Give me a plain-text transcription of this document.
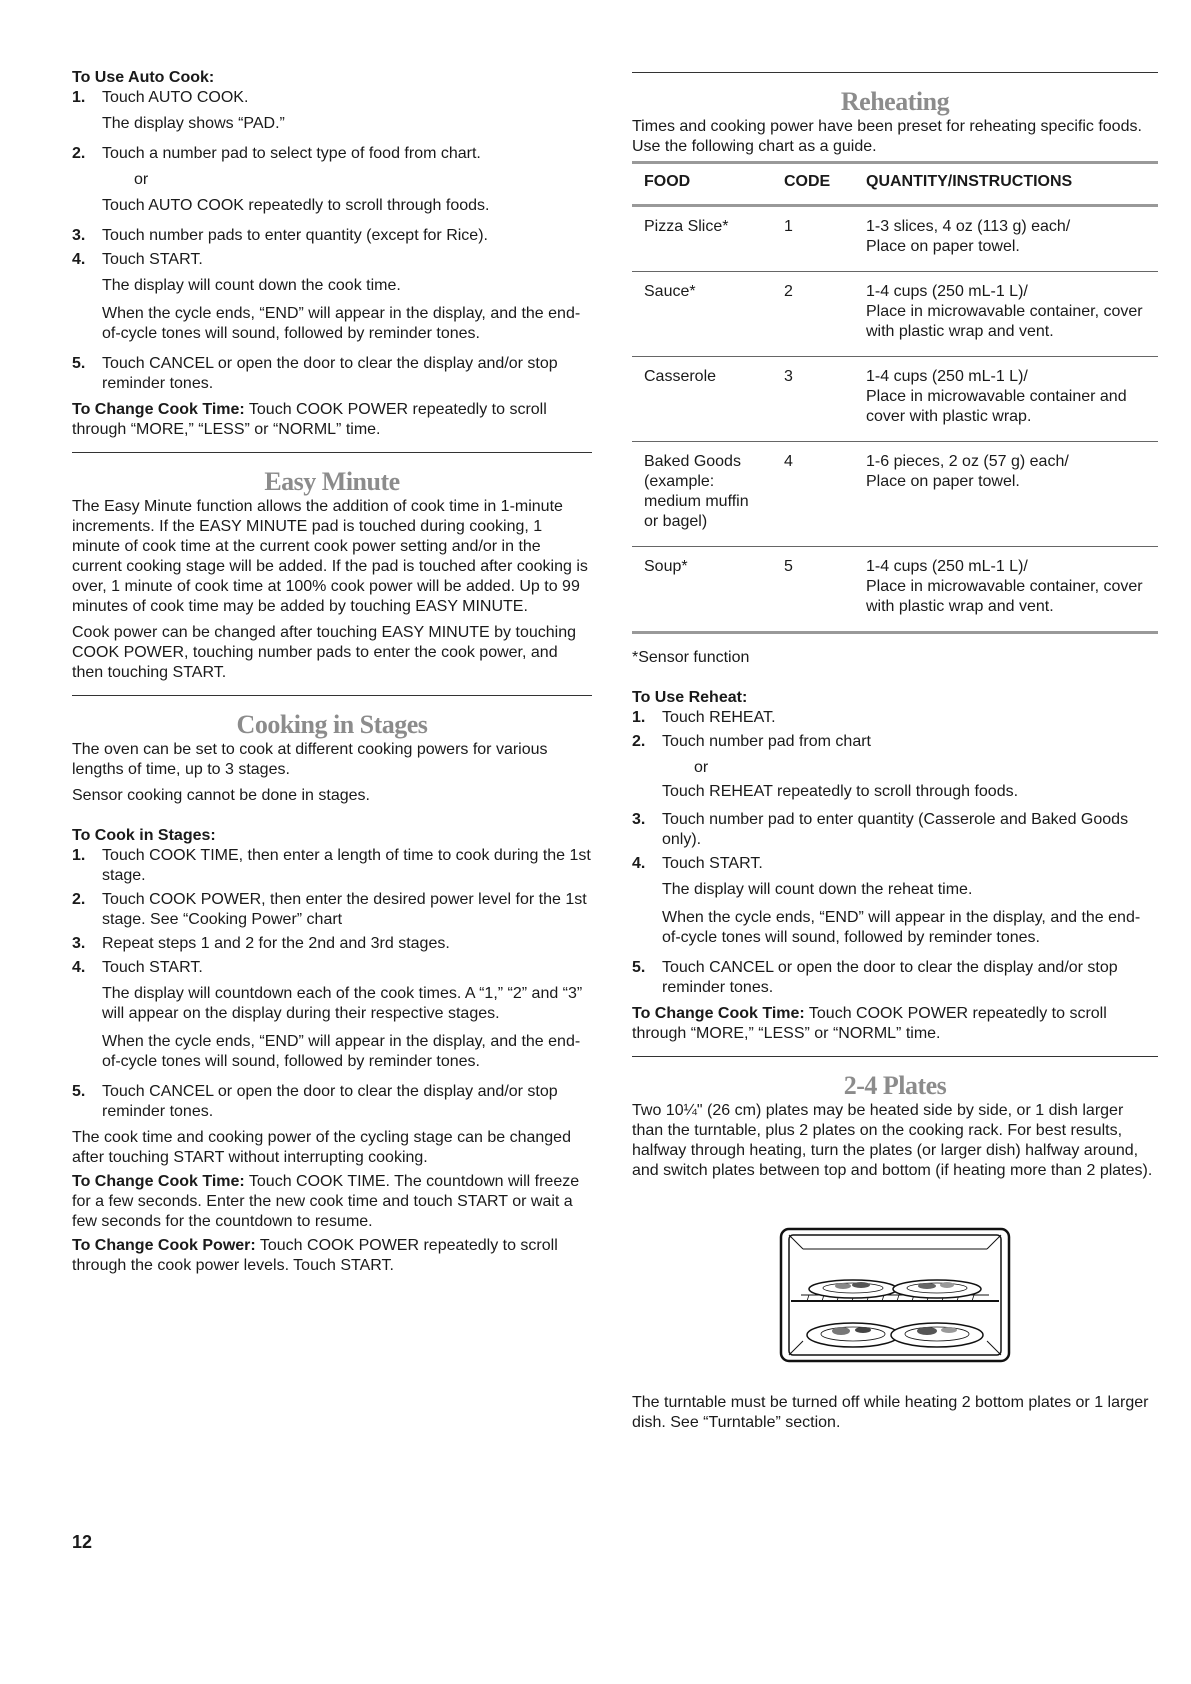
To Use Auto Cook:

1. Touch AUTO COOK.

The display shows “PAD.”

2. Touch a number pad to select type of food from chart.

or

Touch AUTO COOK repeatedly to scroll through foods.

3. Touch number pads to enter quantity (except for Rice).
4. Touch START.

The display will count down the cook time.

When the cycle ends, “END” will appear in the display, and the end-of-cycle tones will sound, followed by reminder tones.

5. Touch CANCEL or open the door to clear the display and/or stop reminder tones.

To Change Cook Time: Touch COOK POWER repeatedly to scroll through “MORE,” “LESS” or “NORML” time.

Easy Minute

The Easy Minute function allows the addition of cook time in 1-minute increments. If the EASY MINUTE pad is touched during cooking, 1 minute of cook time at the current cook power setting and/or in the current cooking stage will be added. If the pad is touched after cooking is over, 1 minute of cook time at 100% cook power will be added. Up to 99 minutes of cook time may be added by touching EASY MINUTE.

Cook power can be changed after touching EASY MINUTE by touching COOK POWER, touching number pads to enter the cook power, and then touching START.

Cooking in Stages

The oven can be set to cook at different cooking powers for various lengths of time, up to 3 stages.

Sensor cooking cannot be done in stages.

To Cook in Stages:

1. Touch COOK TIME, then enter a length of time to cook during the 1st stage.
2. Touch COOK POWER, then enter the desired power level for the 1st stage. See “Cooking Power” chart
3. Repeat steps 1 and 2 for the 2nd and 3rd stages.
4. Touch START.

The display will countdown each of the cook times. A “1,” “2” and “3” will appear on the display during their respective stages.

When the cycle ends, “END” will appear in the display, and the end-of-cycle tones will sound, followed by reminder tones.

5. Touch CANCEL or open the door to clear the display and/or stop reminder tones.

The cook time and cooking power of the cycling stage can be changed after touching START without interrupting cooking.

To Change Cook Time: Touch COOK TIME. The countdown will freeze for a few seconds. Enter the new cook time and touch START or wait a few seconds for the countdown to resume.

To Change Cook Power: Touch COOK POWER repeatedly to scroll through the cook power levels. Touch START.

Reheating

Times and cooking power have been preset for reheating specific foods. Use the following chart as a guide.

FOOD	CODE	QUANTITY/INSTRUCTIONS
Pizza Slice*	1	1-3 slices, 4 oz (113 g) each/
Place on paper towel.

Sauce*	2	1-4 cups (250 mL-1 L)/
Place in microwavable container, cover with plastic wrap and vent.

Casserole	3	1-4 cups (250 mL-1 L)/
Place in microwavable container and cover with plastic wrap.

Baked Goods (example: medium muffin or bagel)	4	1-6 pieces, 2 oz (57 g) each/
Place on paper towel.

Soup*	5	1-4 cups (250 mL-1 L)/
Place in microwavable container, cover with plastic wrap and vent.

*Sensor function

To Use Reheat:

1. Touch REHEAT.
2. Touch number pad from chart

or

Touch REHEAT repeatedly to scroll through foods.

3. Touch number pad to enter quantity (Casserole and Baked Goods only).
4. Touch START.

The display will count down the reheat time.

When the cycle ends, “END” will appear in the display, and the end-of-cycle tones will sound, followed by reminder tones.

5. Touch CANCEL or open the door to clear the display and/or stop reminder tones.

To Change Cook Time: Touch COOK POWER repeatedly to scroll through “MORE,” “LESS” or “NORML” time.

2-4 Plates

Two 10¼" (26 cm) plates may be heated side by side, or 1 dish larger than the turntable, plus 2 plates on the cooking rack. For best results, halfway through heating, turn the plates (or larger dish) halfway around, and switch plates between top and bottom (if heating more than 2 plates).

The turntable must be turned off while heating 2 bottom plates or 1 larger dish. See “Turntable” section.

12
